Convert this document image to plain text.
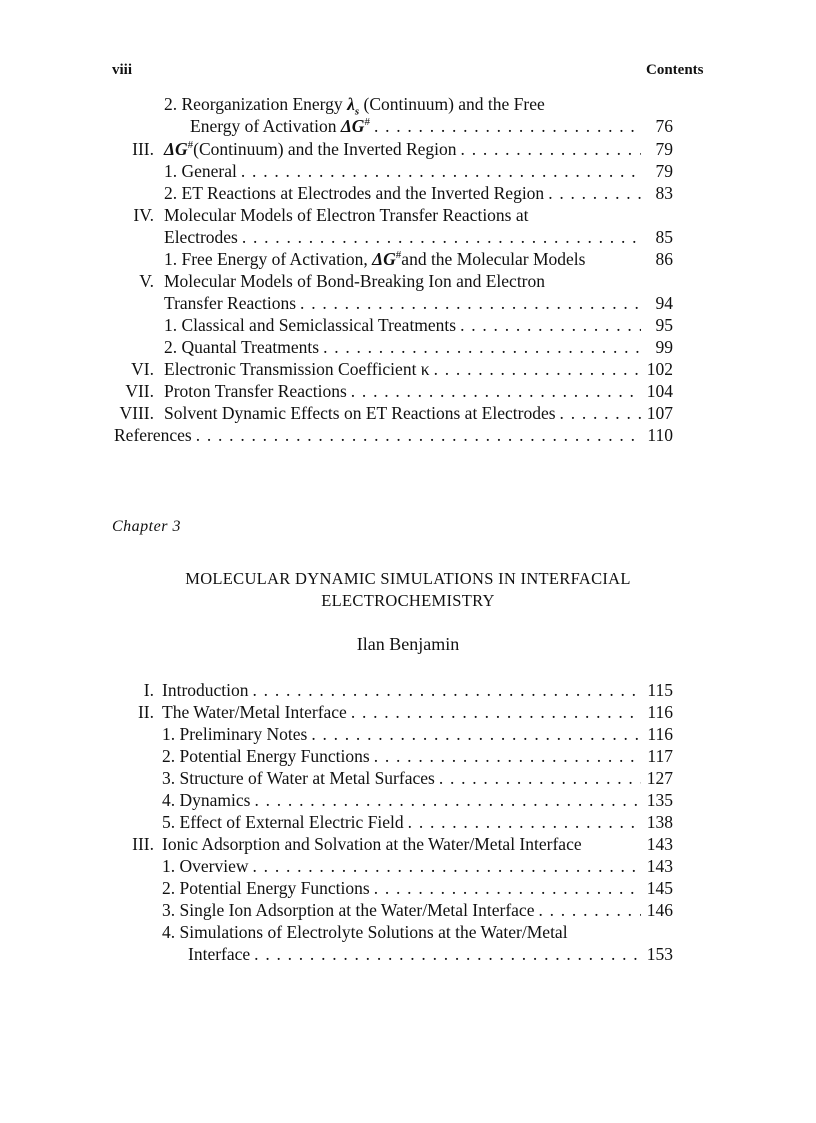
viii	Contents
2. Reorganization Energy $\lambda_s$ (Continuum) and the Free
Energy of Activation ΔG# . . .	76
III. ΔG#(Continuum) and the Inverted Region . . .	79
1. General . . .	79
2. ET Reactions at Electrodes and the Inverted Region . . .	83
IV. Molecular Models of Electron Transfer Reactions at
Electrodes . . .	85
1. Free Energy of Activation, ΔG#and the Molecular Models	86
V. Molecular Models of Bond-Breaking Ion and Electron
Transfer Reactions . . .	94
1. Classical and Semiclassical Treatments . . .	95
2. Quantal Treatments . . .	99
VI. Electronic Transmission Coefficient κ . . .	102
VII. Proton Transfer Reactions . . .	104
VIII. Solvent Dynamic Effects on ET Reactions at Electrodes . . .	107
References . . .	110
Chapter 3
MOLECULAR DYNAMIC SIMULATIONS IN INTERFACIAL
ELECTROCHEMISTRY
Ilan Benjamin
I. Introduction . . .	115
II. The Water/Metal Interface . . .	116
1. Preliminary Notes . . .	116
2. Potential Energy Functions . . .	117
3. Structure of Water at Metal Surfaces . . .	127
4. Dynamics . . .	135
5. Effect of External Electric Field . . .	138
III. Ionic Adsorption and Solvation at the Water/Metal Interface	143
1. Overview . . .	143
2. Potential Energy Functions . . .	145
3. Single Ion Adsorption at the Water/Metal Interface . . .	146
4. Simulations of Electrolyte Solutions at the Water/Metal
Interface . . .	153
